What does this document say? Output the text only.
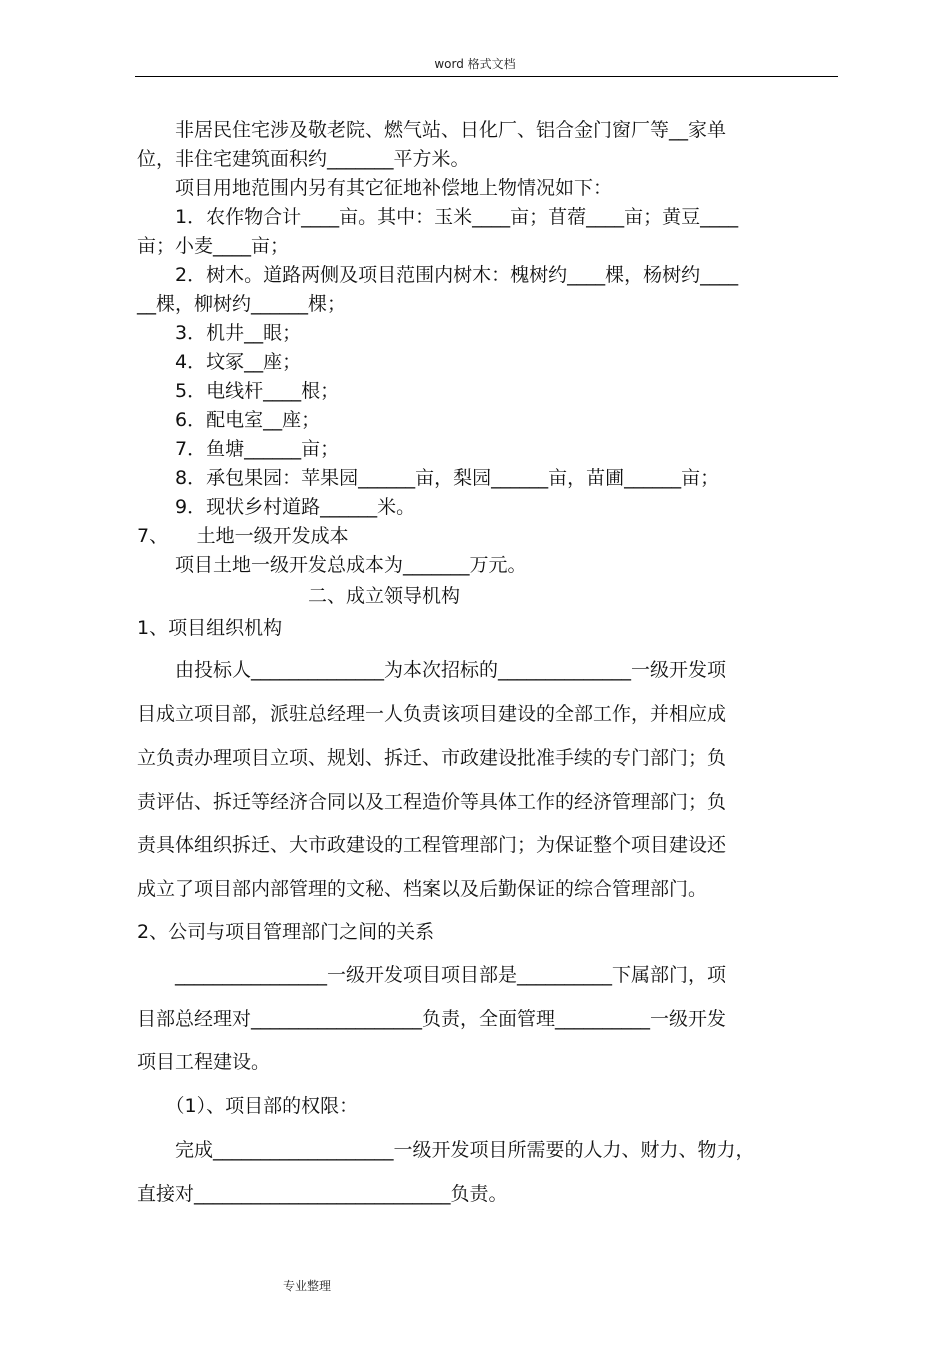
word 格式文档
　　非居民住宅涉及敬老院、燃气站、日化厂、铝合金门窗厂等__家单
位，非住宅建筑面积约_______平方米。
　　项目用地范围内另有其它征地补偿地上物情况如下：
　　1．农作物合计____亩。其中：玉米____亩；苜蓿____亩；黄豆____
亩；小麦____亩；
　　2．树木。道路两侧及项目范围内树木：槐树约____棵，杨树约____
__棵，柳树约______棵；
　　3．机井__眼；
　　4．坟冢__座；
　　5．电线杆____根；
　　6．配电室__座；
　　7．鱼塘______亩；
　　8．承包果园：苹果园______亩，梨园______亩，苗圃______亩；
　　9．现状乡村道路______米。
7、　　土地一级开发成本
　　项目土地一级开发总成本为_______万元。
　　　　　　　　　二、成立领导机构
1、项目组织机构
　　由投标人______________为本次招标的______________一级开发项
目成立项目部，派驻总经理一人负责该项目建设的全部工作，并相应成
立负责办理项目立项、规划、拆迁、市政建设批准手续的专门部门；负
责评估、拆迁等经济合同以及工程造价等具体工作的经济管理部门；负
责具体组织拆迁、大市政建设的工程管理部门；为保证整个项目建设还
成立了项目部内部管理的文秘、档案以及后勤保证的综合管理部门。
2、公司与项目管理部门之间的关系
　　________________一级开发项目项目部是__________下属部门，项
目部总经理对__________________负责，全面管理__________一级开发
项目工程建设。
　　（1）、项目部的权限：
　　完成___________________一级开发项目所需要的人力、财力、物力，
直接对___________________________负责。
专业整理
